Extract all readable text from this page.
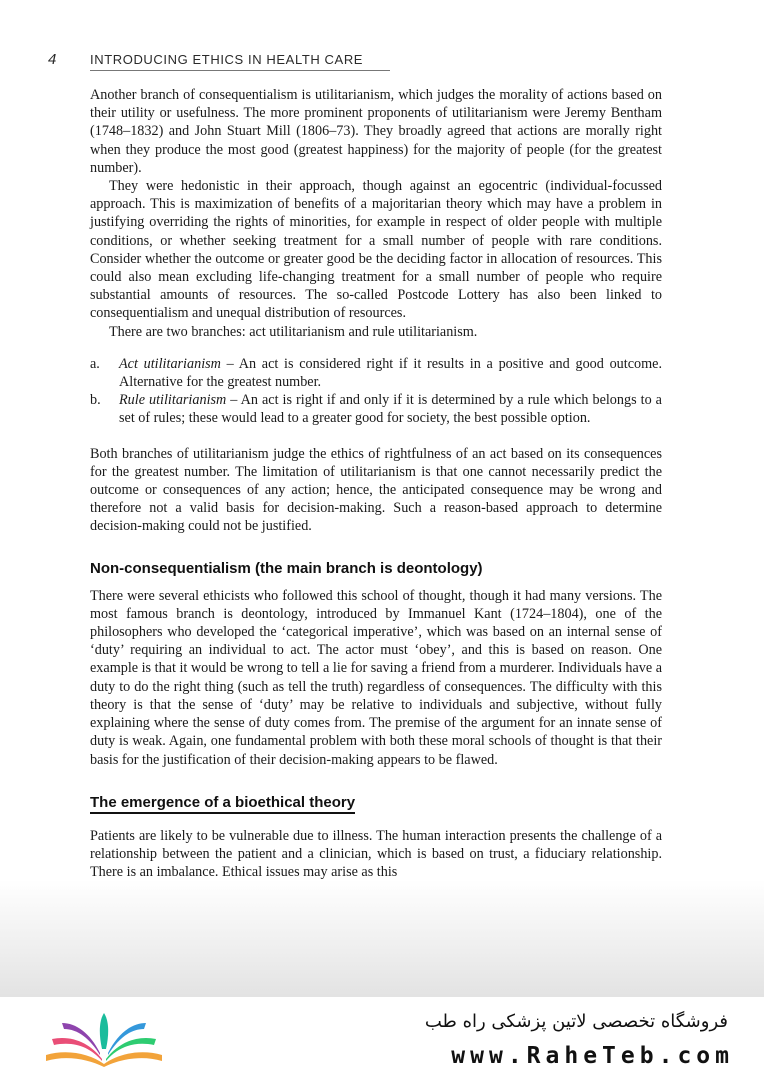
4	INTRODUCING ETHICS IN HEALTH CARE

Another branch of consequentialism is utilitarianism, which judges the morality of actions based on their utility or usefulness. The more prominent proponents of utilitarianism were Jeremy Bentham (1748–1832) and John Stuart Mill (1806–73). They broadly agreed that actions are morally right when they produce the most good (greatest happiness) for the majority of people (for the greatest number).

They were hedonistic in their approach, though against an egocentric (individual-focussed approach. This is maximization of benefits of a majoritarian theory which may have a problem in justifying overriding the rights of minorities, for example in respect of older people with multiple conditions, or whether seeking treatment for a small number of people with rare conditions. Consider whether the outcome or greater good be the deciding factor in allocation of resources. This could also mean excluding life-changing treatment for a small number of people who require substantial amounts of resources. The so-called Postcode Lottery has also been linked to consequentialism and unequal distribution of resources.

There are two branches: act utilitarianism and rule utilitarianism.

a. Act utilitarianism – An act is considered right if it results in a positive and good outcome. Alternative for the greatest number.
b. Rule utilitarianism – An act is right if and only if it is determined by a rule which belongs to a set of rules; these would lead to a greater good for society, the best possible option.

Both branches of utilitarianism judge the ethics of rightfulness of an act based on its consequences for the greatest number. The limitation of utilitarianism is that one cannot necessarily predict the outcome or consequences of any action; hence, the anticipated consequence may be wrong and therefore not a valid basis for decision-making. Such a reason-based approach to determine decision-making could not be justified.

Non-consequentialism (the main branch is deontology)

There were several ethicists who followed this school of thought, though it had many versions. The most famous branch is deontology, introduced by Immanuel Kant (1724–1804), one of the philosophers who developed the ‘categorical imperative’, which was based on an internal sense of ‘duty’ requiring an individual to act. The actor must ‘obey’, and this is based on reason. One example is that it would be wrong to tell a lie for saving a friend from a murderer. Individuals have a duty to do the right thing (such as tell the truth) regardless of consequences. The difficulty with this theory is that the sense of ‘duty’ may be relative to individuals and subjective, without fully explaining where the sense of duty comes from. The premise of the argument for an innate sense of duty is weak. Again, one fundamental problem with both these moral schools of thought is that their basis for the justification of their decision-making appears to be flawed.

The emergence of a bioethical theory

Patients are likely to be vulnerable due to illness. The human interaction presents the challenge of a relationship between the patient and a clinician, which is based on trust, a fiduciary relationship. There is an imbalance. Ethical issues may arise as this

فروشگاه تخصصی لاتین پزشکی راه طب
www.RaheTeb.com
